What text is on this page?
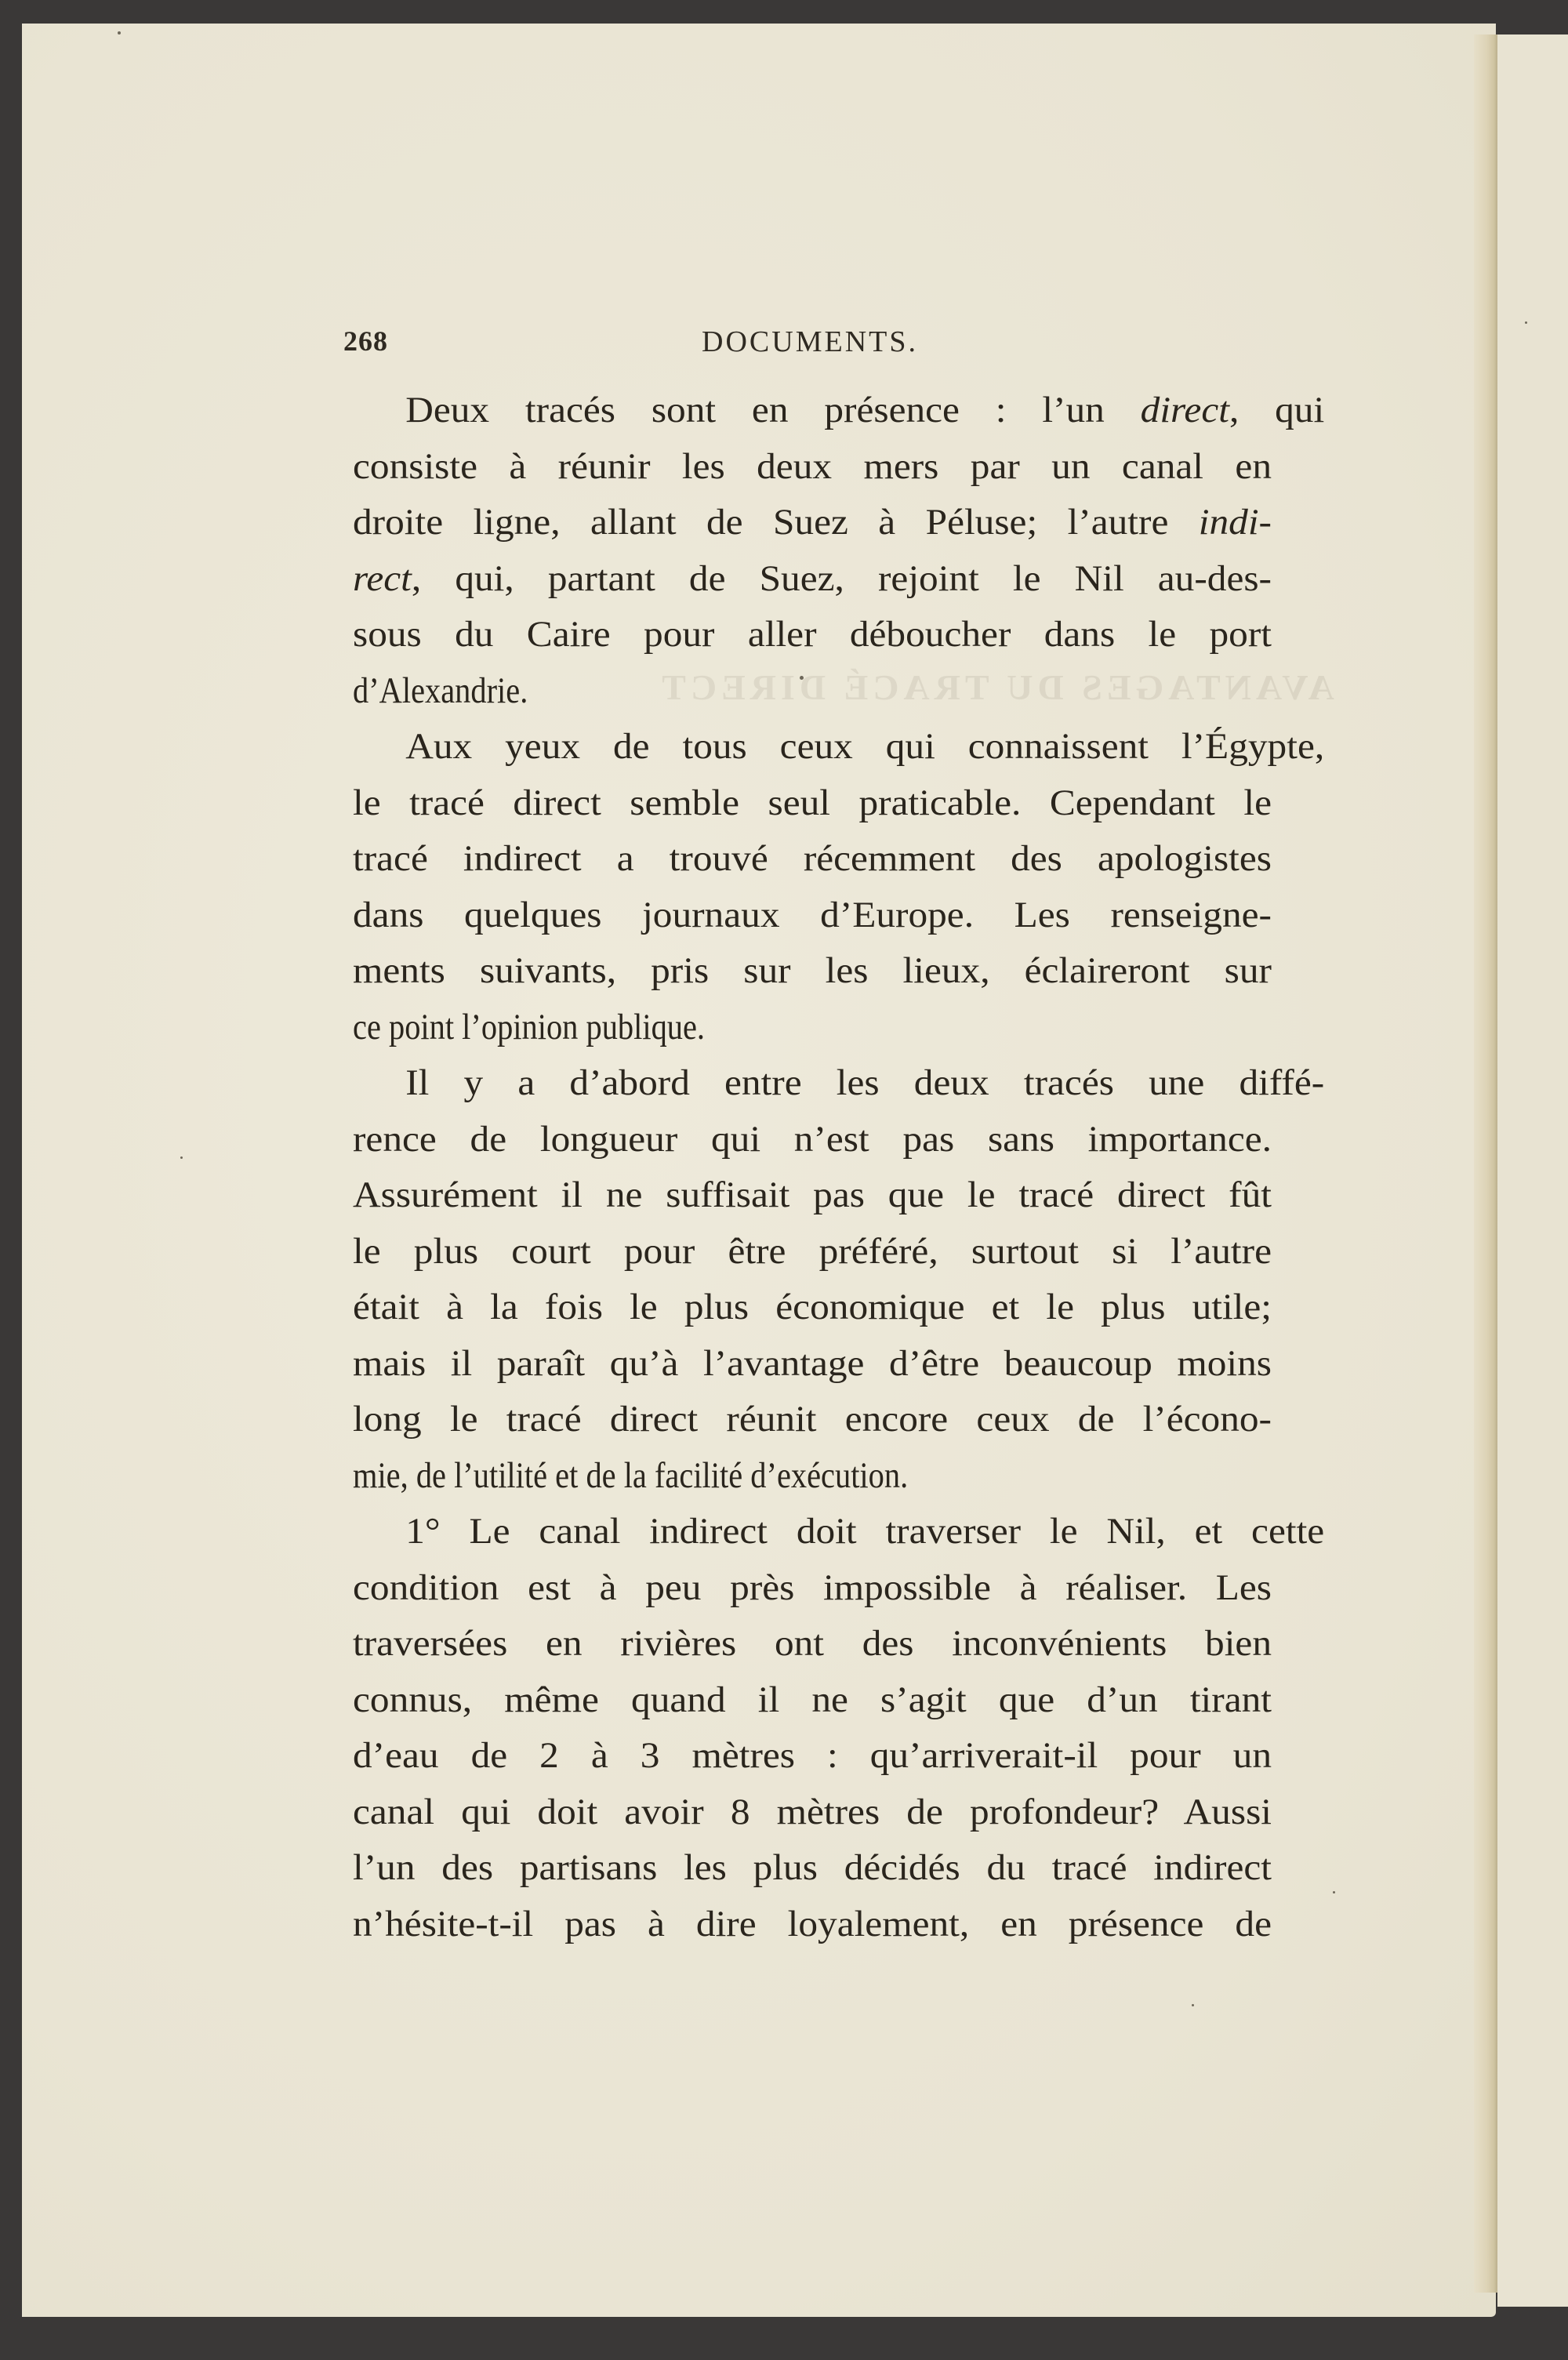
268	DOCUMENTS.
Deux tracés sont en présence : l’un direct, qui
consiste à réunir les deux mers par un canal en
droite ligne, allant de Suez à Péluse; l’autre indi-
rect, qui, partant de Suez, rejoint le Nil au-des-
sous du Caire pour aller déboucher dans le port
d’Alexandrie.
Aux yeux de tous ceux qui connaissent l’Égypte,
le tracé direct semble seul praticable. Cependant le
tracé indirect a trouvé récemment des apologistes
dans quelques journaux d’Europe. Les renseigne-
ments suivants, pris sur les lieux, éclaireront sur
ce point l’opinion publique.
Il y a d’abord entre les deux tracés une diffé-
rence de longueur qui n’est pas sans importance.
Assurément il ne suffisait pas que le tracé direct fût
le plus court pour être préféré, surtout si l’autre
était à la fois le plus économique et le plus utile;
mais il paraît qu’à l’avantage d’être beaucoup moins
long le tracé direct réunit encore ceux de l’écono-
mie, de l’utilité et de la facilité d’exécution.
1° Le canal indirect doit traverser le Nil, et cette
condition est à peu près impossible à réaliser. Les
traversées en rivières ont des inconvénients bien
connus, même quand il ne s’agit que d’un tirant
d’eau de 2 à 3 mètres : qu’arriverait-il pour un
canal qui doit avoir 8 mètres de profondeur? Aussi
l’un des partisans les plus décidés du tracé indirect
n’hésite-t-il pas à dire loyalement, en présence de
